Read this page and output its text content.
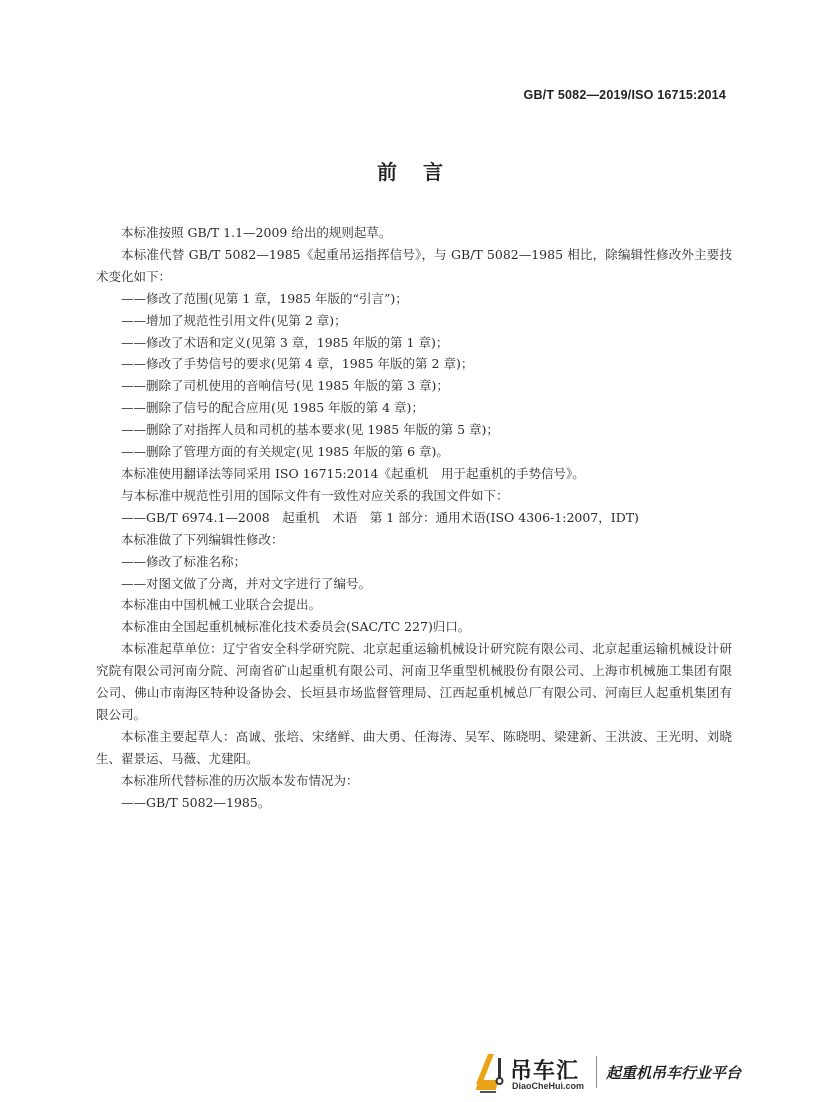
GB/T 5082—2019/ISO 16715:2014
前言

本标准按照 GB/T 1.1—2009 给出的规则起草。

本标准代替 GB/T 5082—1985《起重吊运指挥信号》，与 GB/T 5082—1985 相比，除编辑性修改外主要技术变化如下：

——修改了范围(见第 1 章，1985 年版的“引言”)；

——增加了规范性引用文件(见第 2 章)；

——修改了术语和定义(见第 3 章，1985 年版的第 1 章)；

——修改了手势信号的要求(见第 4 章，1985 年版的第 2 章)；

——删除了司机使用的音响信号(见 1985 年版的第 3 章)；

——删除了信号的配合应用(见 1985 年版的第 4 章)；

——删除了对指挥人员和司机的基本要求(见 1985 年版的第 5 章)；

——删除了管理方面的有关规定(见 1985 年版的第 6 章)。

本标准使用翻译法等同采用 ISO 16715:2014《起重机　用于起重机的手势信号》。

与本标准中规范性引用的国际文件有一致性对应关系的我国文件如下：

——GB/T 6974.1—2008　起重机　术语　第 1 部分：通用术语(ISO 4306-1:2007，IDT)

本标准做了下列编辑性修改：

——修改了标准名称；

——对图文做了分离，并对文字进行了编号。

本标准由中国机械工业联合会提出。

本标准由全国起重机械标准化技术委员会(SAC/TC 227)归口。

本标准起草单位：辽宁省安全科学研究院、北京起重运输机械设计研究院有限公司、北京起重运输机械设计研究院有限公司河南分院、河南省矿山起重机有限公司、河南卫华重型机械股份有限公司、上海市机械施工集团有限公司、佛山市南海区特种设备协会、长垣县市场监督管理局、江西起重机械总厂有限公司、河南巨人起重机集团有限公司。

本标准主要起草人：高诚、张培、宋绪鲜、曲大勇、任海涛、吴军、陈晓明、梁建新、王洪波、王光明、刘晓生、翟景运、马薇、尤建阳。

本标准所代替标准的历次版本发布情况为：

——GB/T 5082—1985。

吊车汇
DiaoCheHui.com
起重机吊车行业平台
